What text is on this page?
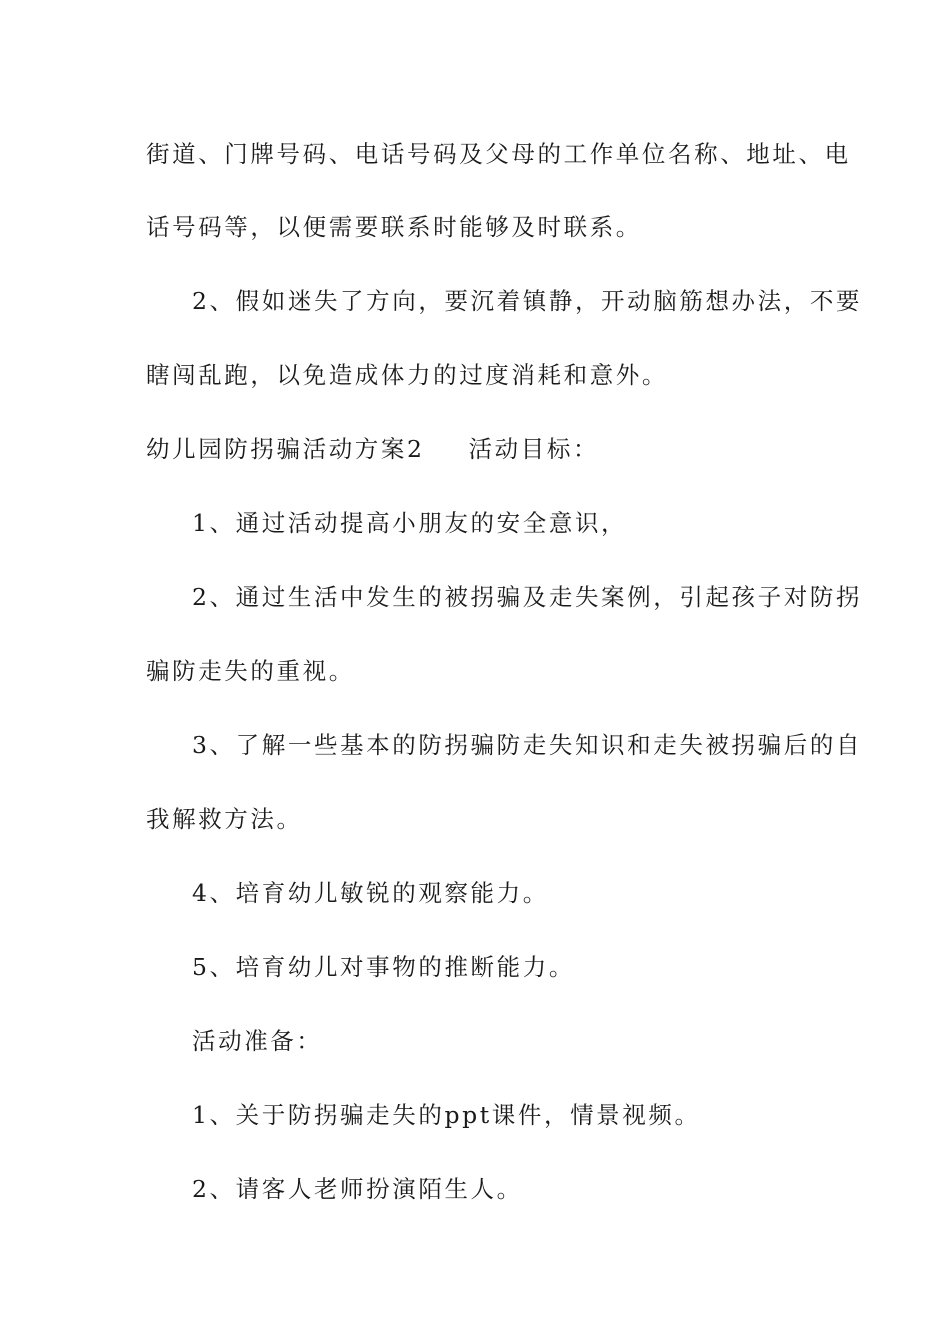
街道、门牌号码、电话号码及父母的工作单位名称、地址、电
话号码等，以便需要联系时能够及时联系。
2、假如迷失了方向，要沉着镇静，开动脑筋想办法，不要
瞎闯乱跑，以免造成体力的过度消耗和意外。
幼儿园防拐骗活动方案2 活动目标：
1、通过活动提高小朋友的安全意识，
2、通过生活中发生的被拐骗及走失案例，引起孩子对防拐
骗防走失的重视。
3、了解一些基本的防拐骗防走失知识和走失被拐骗后的自
我解救方法。
4、培育幼儿敏锐的观察能力。
5、培育幼儿对事物的推断能力。
活动准备：
1、关于防拐骗走失的ppt课件，情景视频。
2、请客人老师扮演陌生人。
